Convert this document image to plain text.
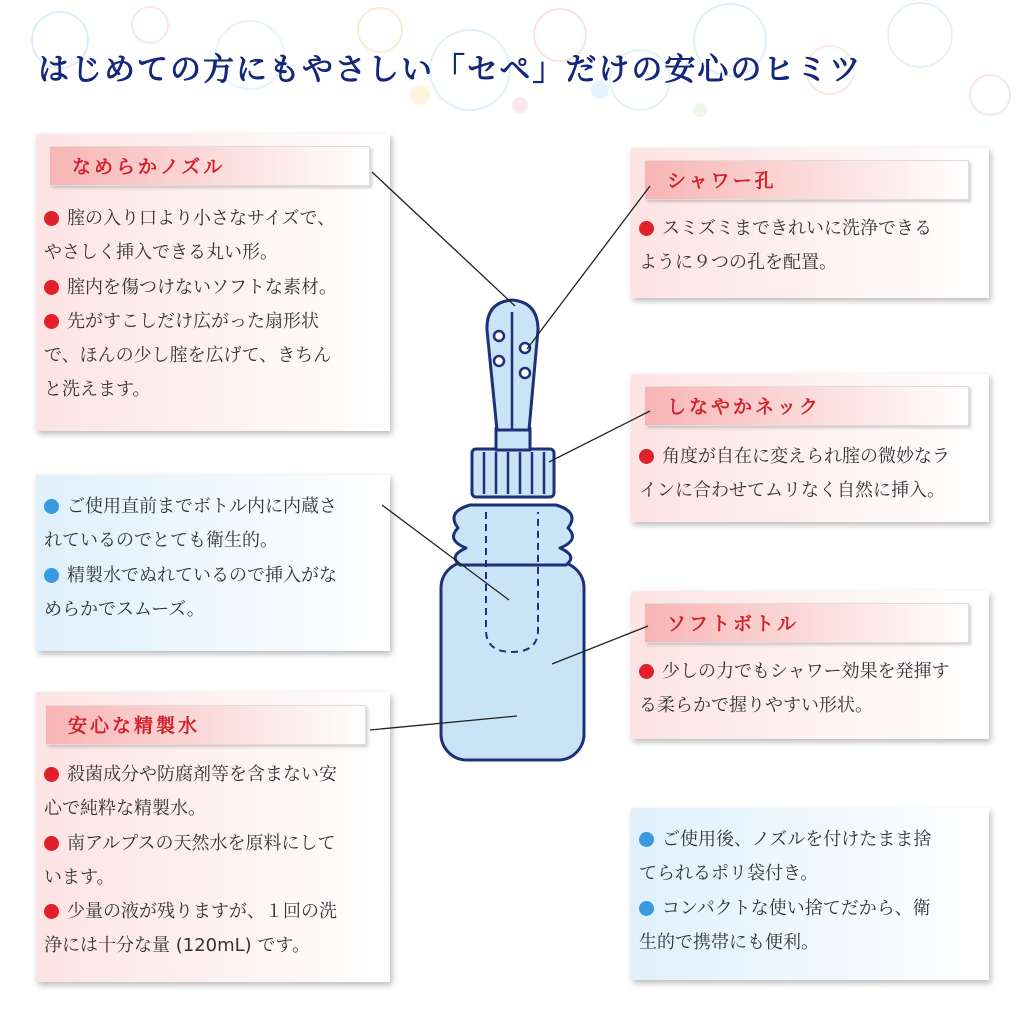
はじめての方にもやさしい「セペ」だけの安心のヒミツ
なめらかノズル
腟の入り口より小さなサイズで、
やさしく挿入できる丸い形。
腟内を傷つけないソフトな素材。
先がすこしだけ広がった扇形状
で、ほんの少し腟を広げて、きちん
と洗えます。
ご使用直前までボトル内に内蔵さ
れているのでとても衛生的。
精製水でぬれているので挿入がな
めらかでスムーズ。
安心な精製水
殺菌成分や防腐剤等を含まない安
心で純粋な精製水。
南アルプスの天然水を原料にして
います。
少量の液が残りますが、１回の洗
浄には十分な量 (120mL) です。
シャワー孔
スミズミまできれいに洗浄できる
ように９つの孔を配置。
しなやかネック
角度が自在に変えられ腟の微妙なラ
インに合わせてムリなく自然に挿入。
ソフトボトル
少しの力でもシャワー効果を発揮す
る柔らかで握りやすい形状。
ご使用後、ノズルを付けたまま捨
てられるポリ袋付き。
コンパクトな使い捨てだから、衛
生的で携帯にも便利。
